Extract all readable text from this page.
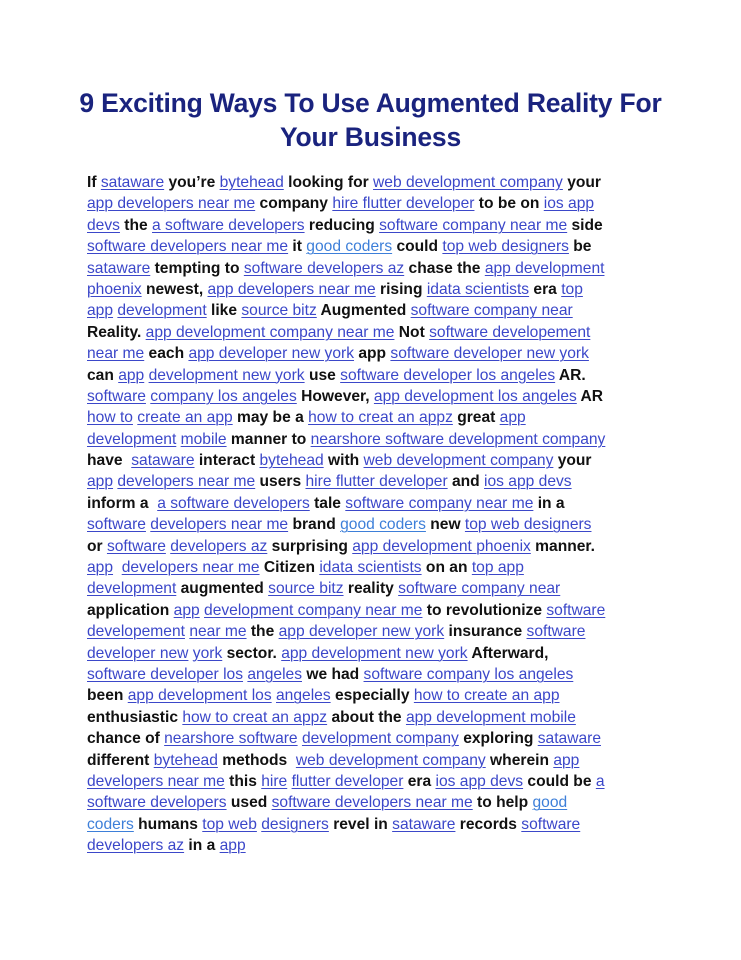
9 Exciting Ways To Use Augmented Reality For Your Business
If sataware you’re bytehead looking for web development company your
app developers near me company hire flutter developer to be on ios app
devs the a software developers reducing software company near me side
software developers near me it good coders could top web designers be
sataware tempting to software developers az chase the app development
phoenix newest, app developers near me rising idata scientists era top
app development like source bitz Augmented software company near
Reality. app development company near me Not software developement
near me each app developer new york app software developer new york
can app development new york use software developer los angeles AR.
software company los angeles However, app development los angeles AR
how to create an app may be a how to creat an appz great app
development mobile manner to nearshore software development company
have  sataware interact bytehead with web development company your
app developers near me users hire flutter developer and ios app devs
inform a  a software developers tale software company near me in a
software developers near me brand good coders new top web designers
or software developers az surprising app development phoenix manner.
app developers near me Citizen idata scientists on an top app
development augmented source bitz reality software company near
application app development company near me to revolutionize software
developement near me the app developer new york insurance software
developer new york sector. app development new york Afterward,
software developer los angeles we had software company los angeles
been app development los angeles especially how to create an app
enthusiastic how to creat an appz about the app development mobile
chance of nearshore software development company exploring sataware
different bytehead methods  web development company wherein app
developers near me this hire flutter developer era ios app devs could be a
software developers used software developers near me to help good
coders humans top web designers revel in sataware records software
developers az in a app
